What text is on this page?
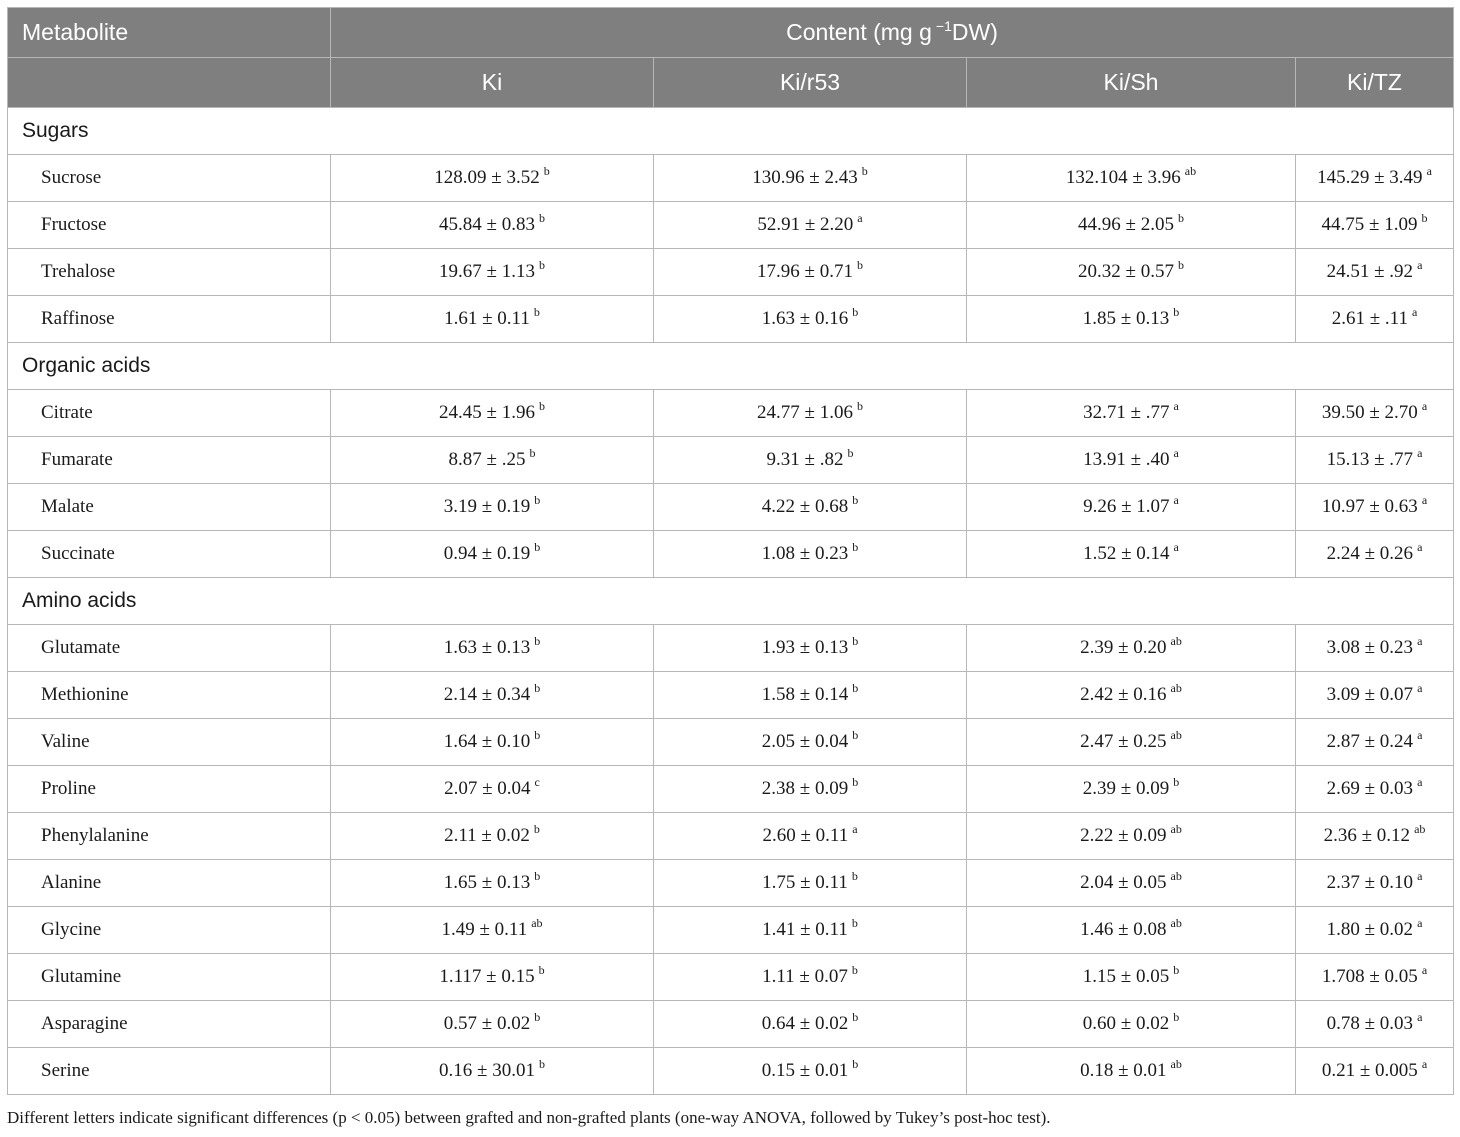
Metabolite	Content (mg g $^{-1}$DW)			
	Ki	Ki/r53	Ki/Sh	Ki/TZ
Sugars				
Sucrose	128.09 ± 3.52 $^b$	130.96 ± 2.43 $^b$	132.104 ± 3.96 $^{ab}$	145.29 ± 3.49 $^a$
Fructose	45.84 ± 0.83 $^b$	52.91 ± 2.20 $^a$	44.96 ± 2.05 $^b$	44.75 ± 1.09 $^b$
Trehalose	19.67 ± 1.13 $^b$	17.96 ± 0.71 $^b$	20.32 ± 0.57 $^b$	24.51 ± .92 $^a$
Raffinose	1.61 ± 0.11 $^b$	1.63 ± 0.16 $^b$	1.85 ± 0.13 $^b$	2.61 ± .11 $^a$
Organic acids				
Citrate	24.45 ± 1.96 $^b$	24.77 ± 1.06 $^b$	32.71 ± .77 $^a$	39.50 ± 2.70 $^a$
Fumarate	8.87 ± .25 $^b$	9.31 ± .82 $^b$	13.91 ± .40 $^a$	15.13 ± .77 $^a$
Malate	3.19 ± 0.19 $^b$	4.22 ± 0.68 $^b$	9.26 ± 1.07 $^a$	10.97 ± 0.63 $^a$
Succinate	0.94 ± 0.19 $^b$	1.08 ± 0.23 $^b$	1.52 ± 0.14 $^a$	2.24 ± 0.26 $^a$
Amino acids				
Glutamate	1.63 ± 0.13 $^b$	1.93 ± 0.13 $^b$	2.39 ± 0.20 $^{ab}$	3.08 ± 0.23 $^a$
Methionine	2.14 ± 0.34 $^b$	1.58 ± 0.14 $^b$	2.42 ± 0.16 $^{ab}$	3.09 ± 0.07 $^a$
Valine	1.64 ± 0.10 $^b$	2.05 ± 0.04 $^b$	2.47 ± 0.25 $^{ab}$	2.87 ± 0.24 $^a$
Proline	2.07 ± 0.04 $^c$	2.38 ± 0.09 $^b$	2.39 ± 0.09 $^b$	2.69 ± 0.03 $^a$
Phenylalanine	2.11 ± 0.02 $^b$	2.60 ± 0.11 $^a$	2.22 ± 0.09 $^{ab}$	2.36 ± 0.12 $^{ab}$
Alanine	1.65 ± 0.13 $^b$	1.75 ± 0.11 $^b$	2.04 ± 0.05 $^{ab}$	2.37 ± 0.10 $^a$
Glycine	1.49 ± 0.11 $^{ab}$	1.41 ± 0.11 $^b$	1.46 ± 0.08 $^{ab}$	1.80 ± 0.02 $^a$
Glutamine	1.117 ± 0.15 $^b$	1.11 ± 0.07 $^b$	1.15 ± 0.05 $^b$	1.708 ± 0.05 $^a$
Asparagine	0.57 ± 0.02 $^b$	0.64 ± 0.02 $^b$	0.60 ± 0.02 $^b$	0.78 ± 0.03 $^a$
Serine	0.16 ± 30.01 $^b$	0.15 ± 0.01 $^b$	0.18 ± 0.01 $^{ab}$	0.21 ± 0.005 $^a$
Different letters indicate significant differences (p < 0.05) between grafted and non-grafted plants (one-way ANOVA, followed by Tukey’s post-hoc test).
